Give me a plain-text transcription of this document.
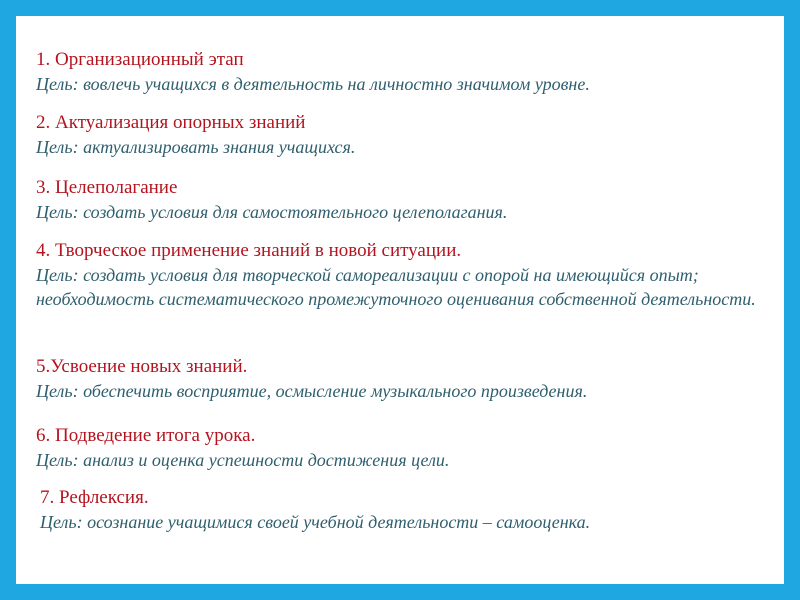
1. Организационный этап
Цель: вовлечь учащихся в деятельность на личностно значимом уровне.
2. Актуализация опорных знаний
Цель: актуализировать знания учащихся.
3. Целеполагание
Цель: создать условия для самостоятельного целеполагания.
4. Творческое применение знаний в новой ситуации.
Цель: создать условия для творческой самореализации с опорой на имеющийся опыт; необходимость систематического промежуточного оценивания собственной деятельности.
5.Усвоение новых знаний.
Цель: обеспечить восприятие, осмысление музыкального произведения.
6. Подведение итога урока.
Цель: анализ и оценка успешности достижения цели.
7. Рефлексия.
Цель: осознание учащимися своей учебной деятельности – самооценка.
